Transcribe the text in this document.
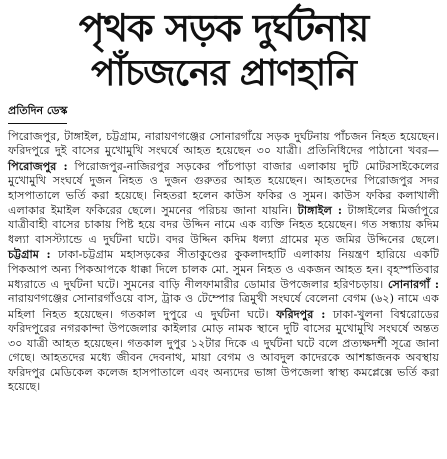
পৃথক সড়ক দুর্ঘটনায়
পাঁচজনের প্রাণহানি
প্রতিদিন ডেস্ক

পিরোজপুর, টাঙ্গাইল, চট্টগ্রাম, নারায়ণগঞ্জের সোনারগাঁয়ে সড়ক দুর্ঘটনায় পাঁচজন নিহত হয়েছেন। ফরিদপুরে দুই বাসের মুখোমুখি সংঘর্ষে আহত হয়েছেন ৩০ যাত্রী। প্রতিনিধিদের পাঠানো খবর—পিরোজপুর : পিরোজপুর-নাজিরপুর সড়কের পাঁচপাড়া বাজার এলাকায় দুটি মোটরসাইকেলের মুখোমুখি সংঘর্ষে দুজন নিহত ও দুজন গুরুতর আহত হয়েছেন। আহতদের পিরোজপুর সদর হাসপাতালে ভর্তি করা হয়েছে। নিহতরা হলেন কাউস ফকির ও সুমন। কাউস ফকির কলাখালী এলাকার ইমাইল ফকিরের ছেলে। সুমনের পরিচয় জানা যায়নি। টাঙ্গাইল : টাঙ্গাইলের মির্জাপুরে যাত্রীবাহী বাসের চাকায় পিষ্ট হয়ে বদর উদ্দিন নামে এক ব্যক্তি নিহত হয়েছেন। গত সন্ধ্যায় কদিম ধল্যা বাসস্ট্যান্ডে এ দুর্ঘটনা ঘটে। বদর উদ্দিন কদিম ধল্যা গ্রামের মৃত জমির উদ্দিনের ছেলে। চট্টগ্রাম : ঢাকা-চট্টগ্রাম মহাসড়কের সীতাকুণ্ডের কুকলাদহাটি এলাকায় নিয়ন্ত্রণ হারিয়ে একটি পিকআপ অন্য পিকআপকে ধাক্কা দিলে চালক মো. সুমন নিহত ও একজন আহত হন। বৃহস্পতিবার মধ্যরাতে এ দুর্ঘটনা ঘটে। সুমনের বাড়ি নীলফামারীর ডোমার উপজেলার হরিণচড়ায়। সোনারগাঁ : নারায়ণগঞ্জের সোনারগাঁওয়ে বাস, ট্রাক ও টেম্পোর ত্রিমুখী সংঘর্ষে বেলেনা বেগম (৬২) নামে এক মহিলা নিহত হয়েছেন। গতকাল দুপুরে এ দুর্ঘটনা ঘটে। ফরিদপুর : ঢাকা-খুলনা বিশ্বরোডের ফরিদপুরের নগরকান্দা উপজেলার কাইলার মোড় নামক স্থানে দুটি বাসের মুখোমুখি সংঘর্ষে অন্তত ৩০ যাত্রী আহত হয়েছেন। গতকাল দুপুর ১২টার দিকে এ দুর্ঘটনা ঘটে বলে প্রত্যক্ষদর্শী সূত্রে জানা গেছে। আহতদের মধ্যে জীবন দেবনাথ, মায়া বেগম ও আবদুল কাদেরকে আশঙ্কাজনক অবস্থায় ফরিদপুর মেডিকেল কলেজ হাসপাতালে এবং অন্যদের ভাঙ্গা উপজেলা স্বাস্থ্য কমপ্লেক্সে ভর্তি করা হয়েছে।
